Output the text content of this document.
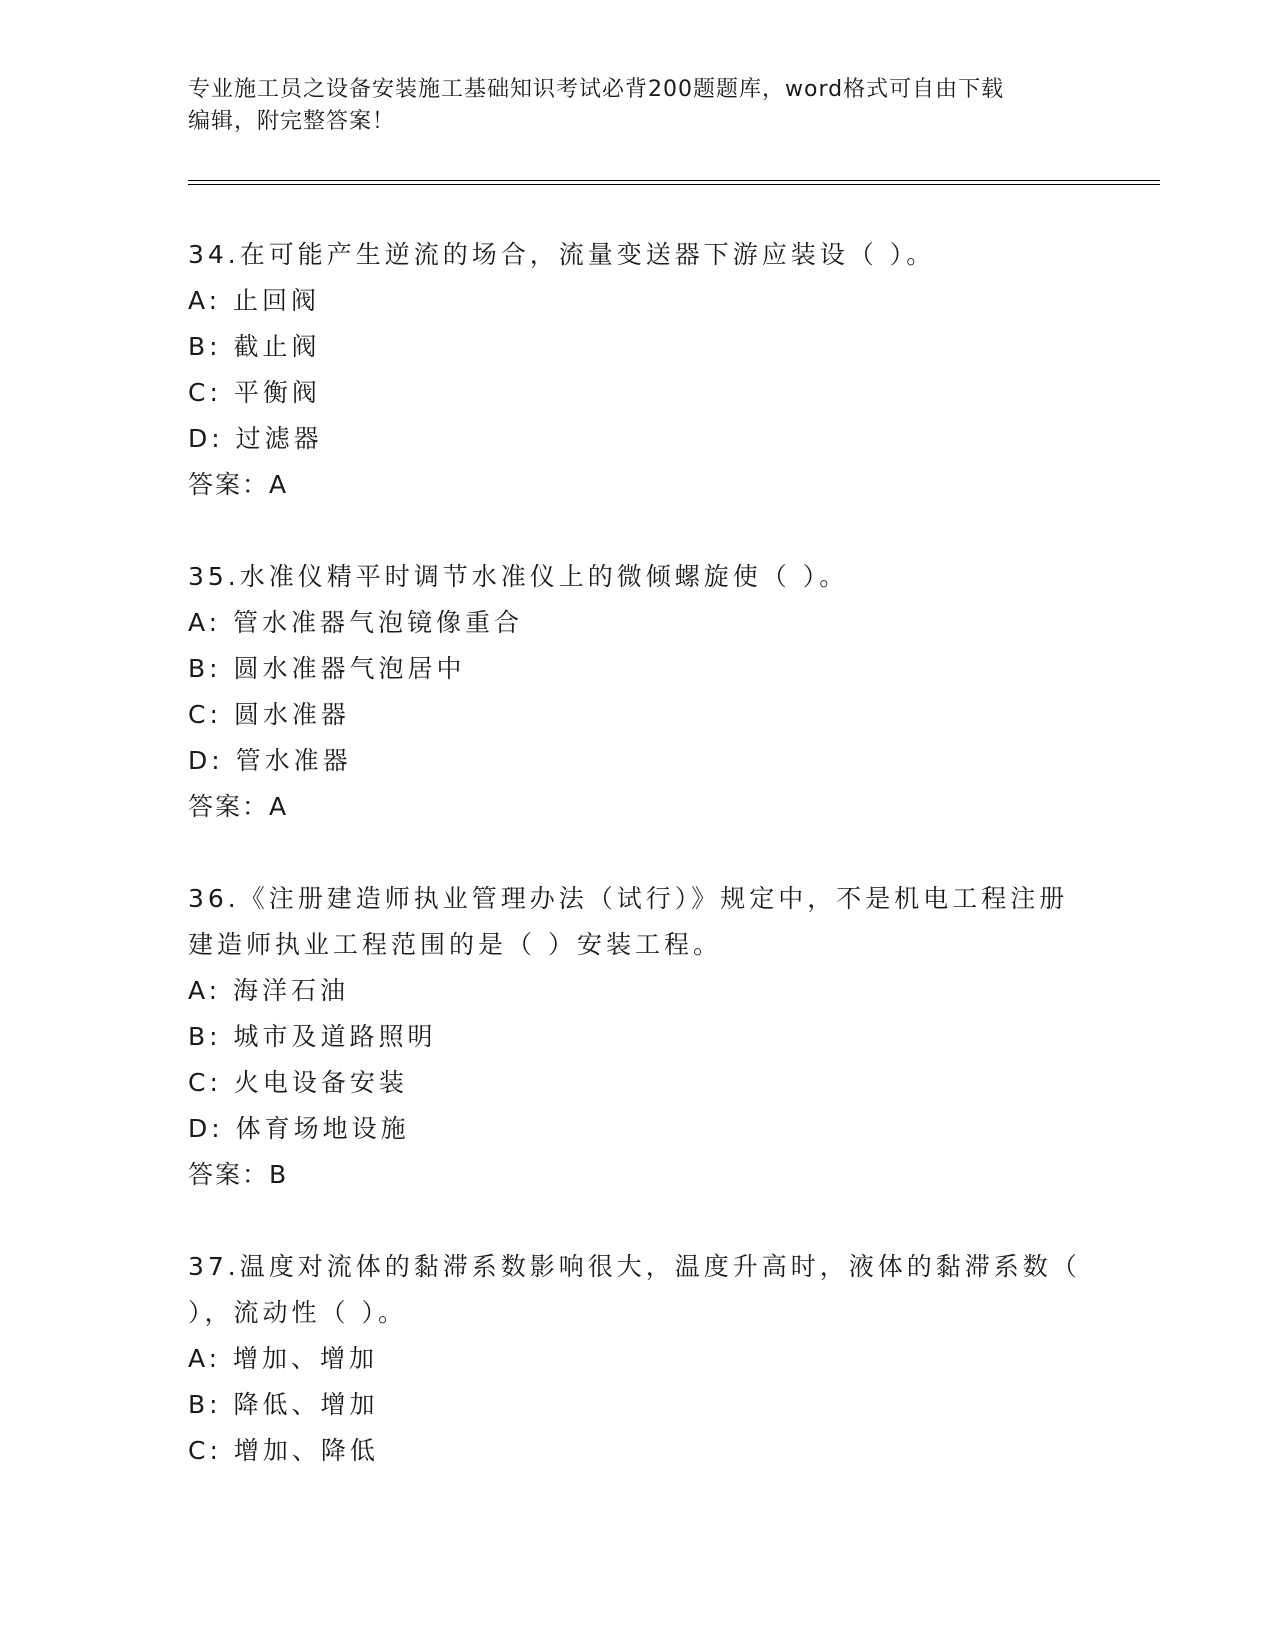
专业施工员之设备安装施工基础知识考试必背200题题库，word格式可自由下载
编辑，附完整答案！
34.在可能产生逆流的场合，流量变送器下游应装设（ ）。
A: 止回阀
B: 截止阀
C: 平衡阀
D: 过滤器
答案：A
35.水准仪精平时调节水准仪上的微倾螺旋使（ ）。
A: 管水准器气泡镜像重合
B: 圆水准器气泡居中
C: 圆水准器
D: 管水准器
答案：A
36.《注册建造师执业管理办法（试行）》规定中，不是机电工程注册
建造师执业工程范围的是（ ）安装工程。
A: 海洋石油
B: 城市及道路照明
C: 火电设备安装
D: 体育场地设施
答案：B
37.温度对流体的黏滞系数影响很大，温度升高时，液体的黏滞系数（
），流动性（ ）。
A: 增加、增加
B: 降低、增加
C: 增加、降低
